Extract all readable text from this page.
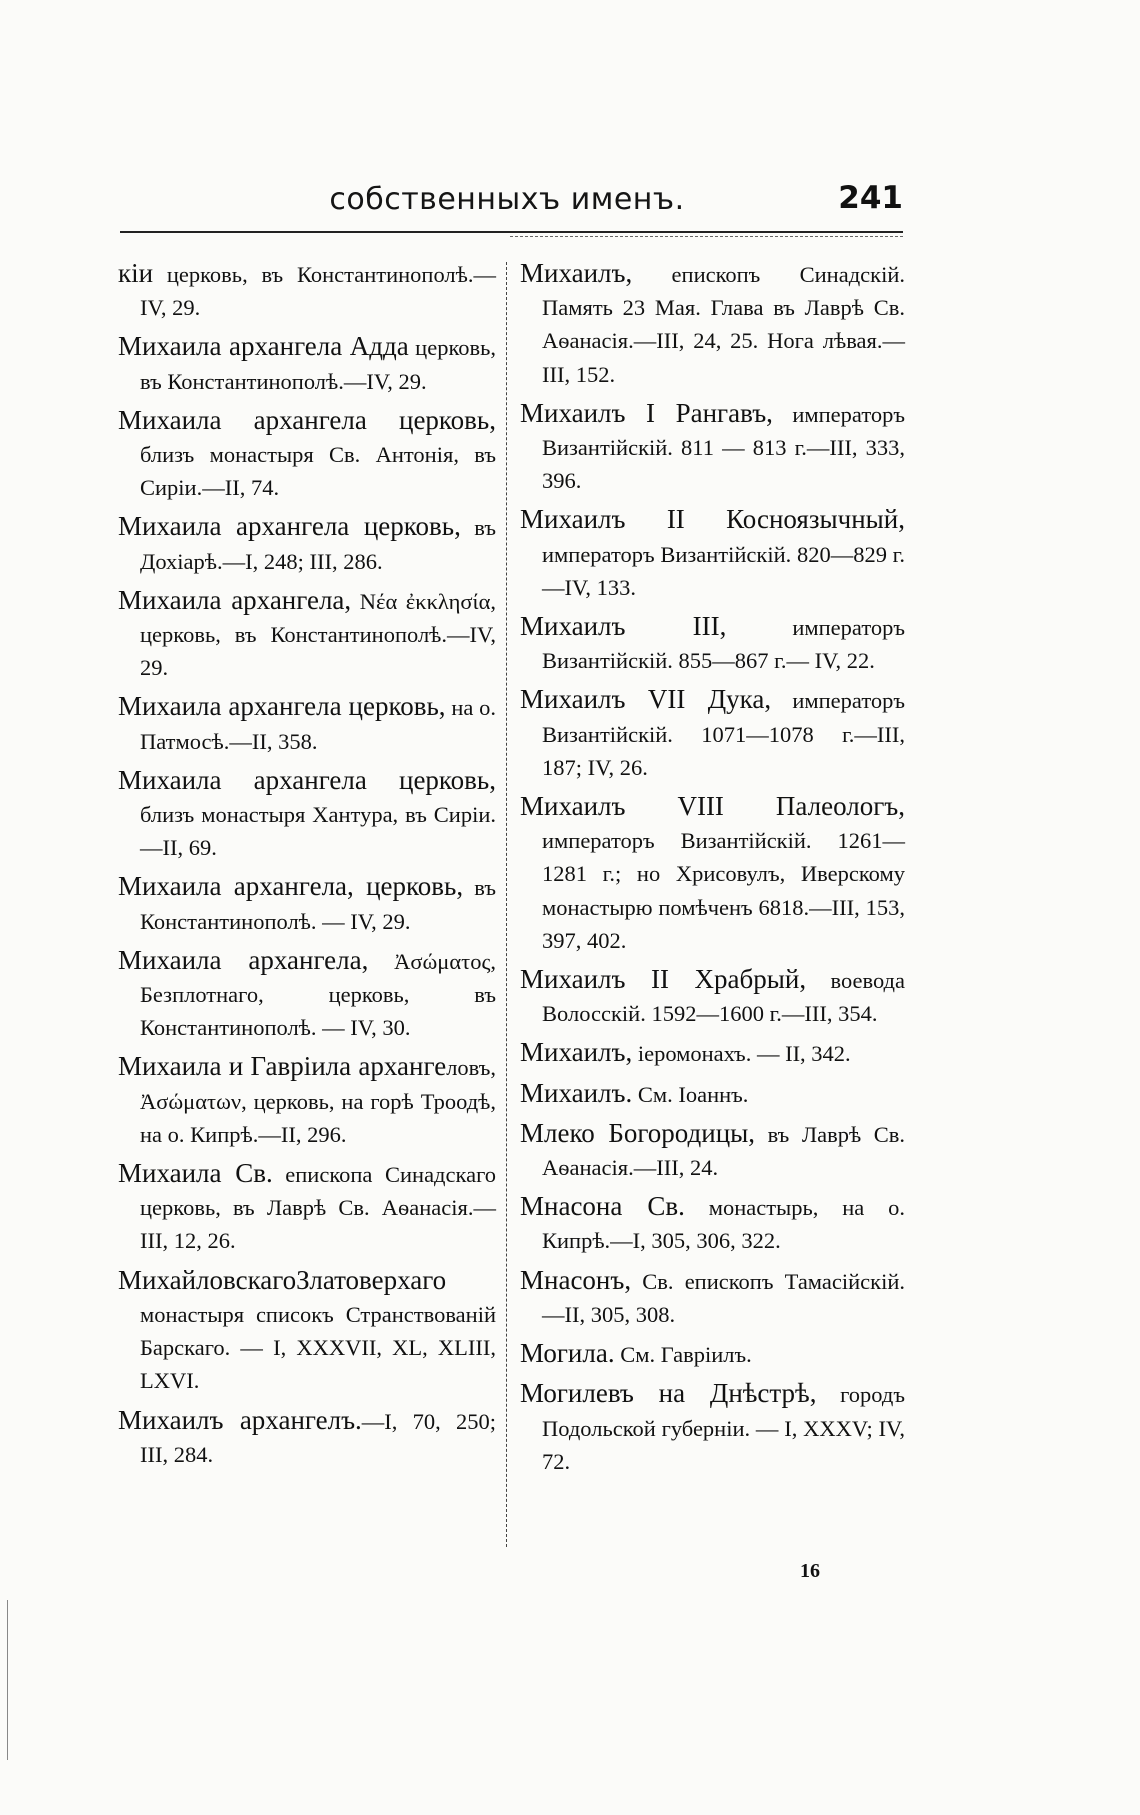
собственныхъ именъ.	241

кiи церковь, въ Константинополѣ.—IV, 29.

Михаила архангела Адда церковь, въ Константинополѣ.—IV, 29.

Михаила архангела церковь, близъ монастыря Св. Антонiя, въ Сирiи.—II, 74.

Михаила архангела церковь, въ Дохiарѣ.—I, 248; III, 286.

Михаила архангела, Νέα ἐκκλησία, церковь, въ Константинополѣ.—IV, 29.

Михаила архангела церковь, на о. Патмосѣ.—II, 358.

Михаила архангела церковь, близъ монастыря Хантура, въ Сирiи.—II, 69.

Михаила архангела, церковь, въ Константинополѣ. — IV, 29.

Михаила архангела, Ἀσώματος, Безплотнаго, церковь, въ Константинополѣ. — IV, 30.

Михаила и Гаврiила архангеловъ, Ἀσώματων, церковь, на горѣ Троодѣ, на о. Кипрѣ.—II, 296.

Михаила Св. епископа Синадскаго церковь, въ Лаврѣ Св. Аѳанасiя.—III, 12, 26.

МихайловскагоЗлатоверхаго монастыря списокъ Странствованiй Барскаго. — I, XXXVII, XL, XLIII, LXVI.

Михаилъ архангелъ.—I, 70, 250; III, 284.

Михаилъ, епископъ Синадскiй. Память 23 Мая. Глава въ Лаврѣ Св. Аѳанасiя.—III, 24, 25. Нога лѣвая.—III, 152.

Михаилъ I Рангавъ, императоръ Византiйскiй. 811 — 813 г.—III, 333, 396.

Михаилъ II Косноязычный, императоръ Византiйскiй. 820—829 г.—IV, 133.

Михаилъ III, императоръ Византiйскiй. 855—867 г.— IV, 22.

Михаилъ VII Дука, императоръ Византiйскiй. 1071—1078 г.—III, 187; IV, 26.

Михаилъ VIII Палеологъ, императоръ Византiйскiй. 1261—1281 г.; но Хрисовулъ, Иверскому монастырю помѣченъ 6818.—III, 153, 397, 402.

Михаилъ II Храбрый, воевода Волосскiй. 1592—1600 г.—III, 354.

Михаилъ, iеромонахъ. — II, 342.

Михаилъ. См. Iоаннъ.

Млеко Богородицы, въ Лаврѣ Св. Аѳанасiя.—III, 24.

Мнасона Св. монастырь, на о. Кипрѣ.—I, 305, 306, 322.

Мнасонъ, Св. епископъ Тамасiйскiй.—II, 305, 308.

Могила. См. Гаврiилъ.

Могилевъ на Днѣстрѣ, городъ Подольской губернiи. — I, XXXV; IV, 72.

16
